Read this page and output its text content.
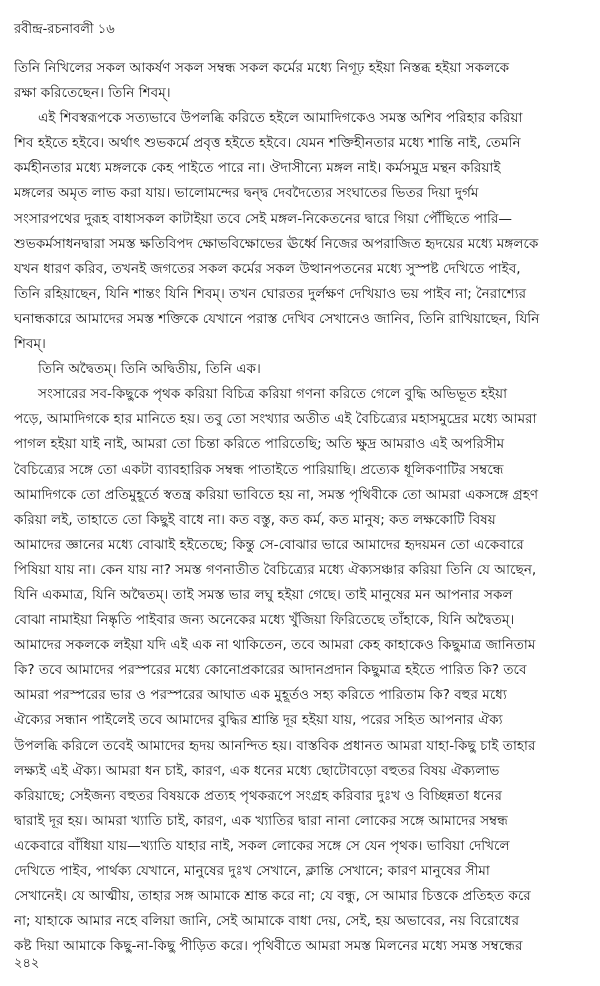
রবীন্দ্র-রচনাবলী ১৬
তিনি নিখিলের সকল আকর্ষণ সকল সম্বন্ধ সকল কর্মের মধ্যে নিগূঢ় হইয়া নিস্তব্ধ হইয়া সকলকে
রক্ষা করিতেছেন। তিনি শিবম্‌।
এই শিবস্বরূপকে সত্যভাবে উপলব্ধি করিতে হইলে আমাদিগকেও সমস্ত অশিব পরিহার করিয়া
শিব হইতে হইবে। অর্থাৎ শুভকর্মে প্রবৃত্ত হইতে হইবে। যেমন শক্তিহীনতার মধ্যে শান্তি নাই, তেমনি
কর্মহীনতার মধ্যে মঙ্গলকে কেহ পাইতে পারে না। ঔদাসীন্যে মঙ্গল নাই। কর্মসমুদ্র মন্থন করিয়াই
মঙ্গলের অমৃত লাভ করা যায়। ভালোমন্দের দ্বন্দ্ব দেবদৈত্যের সংঘাতের ভিতর দিয়া দুর্গম
সংসারপথের দুরূহ বাধাসকল কাটাইয়া তবে সেই মঙ্গল-নিকেতনের দ্বারে গিয়া পৌঁছিতে পারি—
শুভকর্মসাধনদ্বারা সমস্ত ক্ষতিবিপদ ক্ষোভবিক্ষোভের ঊর্ধ্বে নিজের অপরাজিত হৃদয়ের মধ্যে মঙ্গলকে
যখন ধারণ করিব, তখনই জগতের সকল কর্মের সকল উত্থানপতনের মধ্যে সুস্পষ্ট দেখিতে পাইব,
তিনি রহিয়াছেন, যিনি শান্তং যিনি শিবম্‌। তখন ঘোরতর দুর্লক্ষণ দেখিয়াও ভয় পাইব না; নৈরাশ্যের
ঘনান্ধকারে আমাদের সমস্ত শক্তিকে যেখানে পরাস্ত দেখিব সেখানেও জানিব, তিনি রাখিয়াছেন, যিনি
শিবম্‌।
তিনি অদ্বৈতম্‌। তিনি অদ্বিতীয়, তিনি এক।
সংসারের সব-কিছুকে পৃথক করিয়া বিচিত্র করিয়া গণনা করিতে গেলে বুদ্ধি অভিভূত হইয়া
পড়ে, আমাদিগকে হার মানিতে হয়। তবু তো সংখ্যার অতীত এই বৈচিত্র্যের মহাসমুদ্রের মধ্যে আমরা
পাগল হইয়া যাই নাই, আমরা তো চিন্তা করিতে পারিতেছি; অতি ক্ষুদ্র আমরাও এই অপরিসীম
বৈচিত্র্যের সঙ্গে তো একটা ব্যাবহারিক সম্বন্ধ পাতাইতে পারিয়াছি। প্রত্যেক ধূলিকণাটির সম্বন্ধে
আমাদিগকে তো প্রতিমুহূর্তে স্বতন্ত্র করিয়া ভাবিতে হয় না, সমস্ত পৃথিবীকে তো আমরা একসঙ্গে গ্রহণ
করিয়া লই, তাহাতে তো কিছুই বাধে না। কত বস্তু, কত কর্ম, কত মানুষ; কত লক্ষকোটি বিষয়
আমাদের জ্ঞানের মধ্যে বোঝাই হইতেছে; কিন্তু সে-বোঝার ভারে আমাদের হৃদয়মন তো একেবারে
পিষিয়া যায় না। কেন যায় না? সমস্ত গণনাতীত বৈচিত্র্যের মধ্যে ঐক্যসঞ্চার করিয়া তিনি যে আছেন,
যিনি একমাত্র, যিনি অদ্বৈতম্‌। তাই সমস্ত ভার লঘু হইয়া গেছে। তাই মানুষের মন আপনার সকল
বোঝা নামাইয়া নিষ্কৃতি পাইবার জন্য অনেকের মধ্যে খুঁজিয়া ফিরিতেছে তাঁহাকে, যিনি অদ্বৈতম্‌।
আমাদের সকলকে লইয়া যদি এই এক না থাকিতেন, তবে আমরা কেহ কাহাকেও কিছুমাত্র জানিতাম
কি? তবে আমাদের পরস্পরের মধ্যে কোনোপ্রকারের আদানপ্রদান কিছুমাত্র হইতে পারিত কি? তবে
আমরা পরস্পরের ভার ও পরস্পরের আঘাত এক মুহূর্তও সহ্য করিতে পারিতাম কি? বহুর মধ্যে
ঐক্যের সন্ধান পাইলেই তবে আমাদের বুদ্ধির শ্রান্তি দূর হইয়া যায়, পরের সহিত আপনার ঐক্য
উপলব্ধি করিলে তবেই আমাদের হৃদয় আনন্দিত হয়। বাস্তবিক প্রধানত আমরা যাহা-কিছু চাই তাহার
লক্ষ্যই এই ঐক্য। আমরা ধন চাই, কারণ, এক ধনের মধ্যে ছোটোবড়ো বহুতর বিষয় ঐক্যলাভ
করিয়াছে; সেইজন্য বহুতর বিষয়কে প্রত্যহ পৃথকরূপে সংগ্রহ করিবার দুঃখ ও বিচ্ছিন্নতা ধনের
দ্বারাই দূর হয়। আমরা খ্যাতি চাই, কারণ, এক খ্যাতির দ্বারা নানা লোকের সঙ্গে আমাদের সম্বন্ধ
একেবারে বাঁধিয়া যায়—খ্যাতি যাহার নাই, সকল লোকের সঙ্গে সে যেন পৃথক। ভাবিয়া দেখিলে
দেখিতে পাইব, পার্থক্য যেখানে, মানুষের দুঃখ সেখানে, ক্লান্তি সেখানে; কারণ মানুষের সীমা
সেখানেই। যে আত্মীয়, তাহার সঙ্গ আমাকে শ্রান্ত করে না; যে বন্ধু, সে আমার চিত্তকে প্রতিহত করে
না; যাহাকে আমার নহে বলিয়া জানি, সেই আমাকে বাধা দেয়, সেই, হয় অভাবের, নয় বিরোধের
কষ্ট দিয়া আমাকে কিছু-না-কিছু পীড়িত করে। পৃথিবীতে আমরা সমস্ত মিলনের মধ্যে সমস্ত সম্বন্ধের
২৪২
